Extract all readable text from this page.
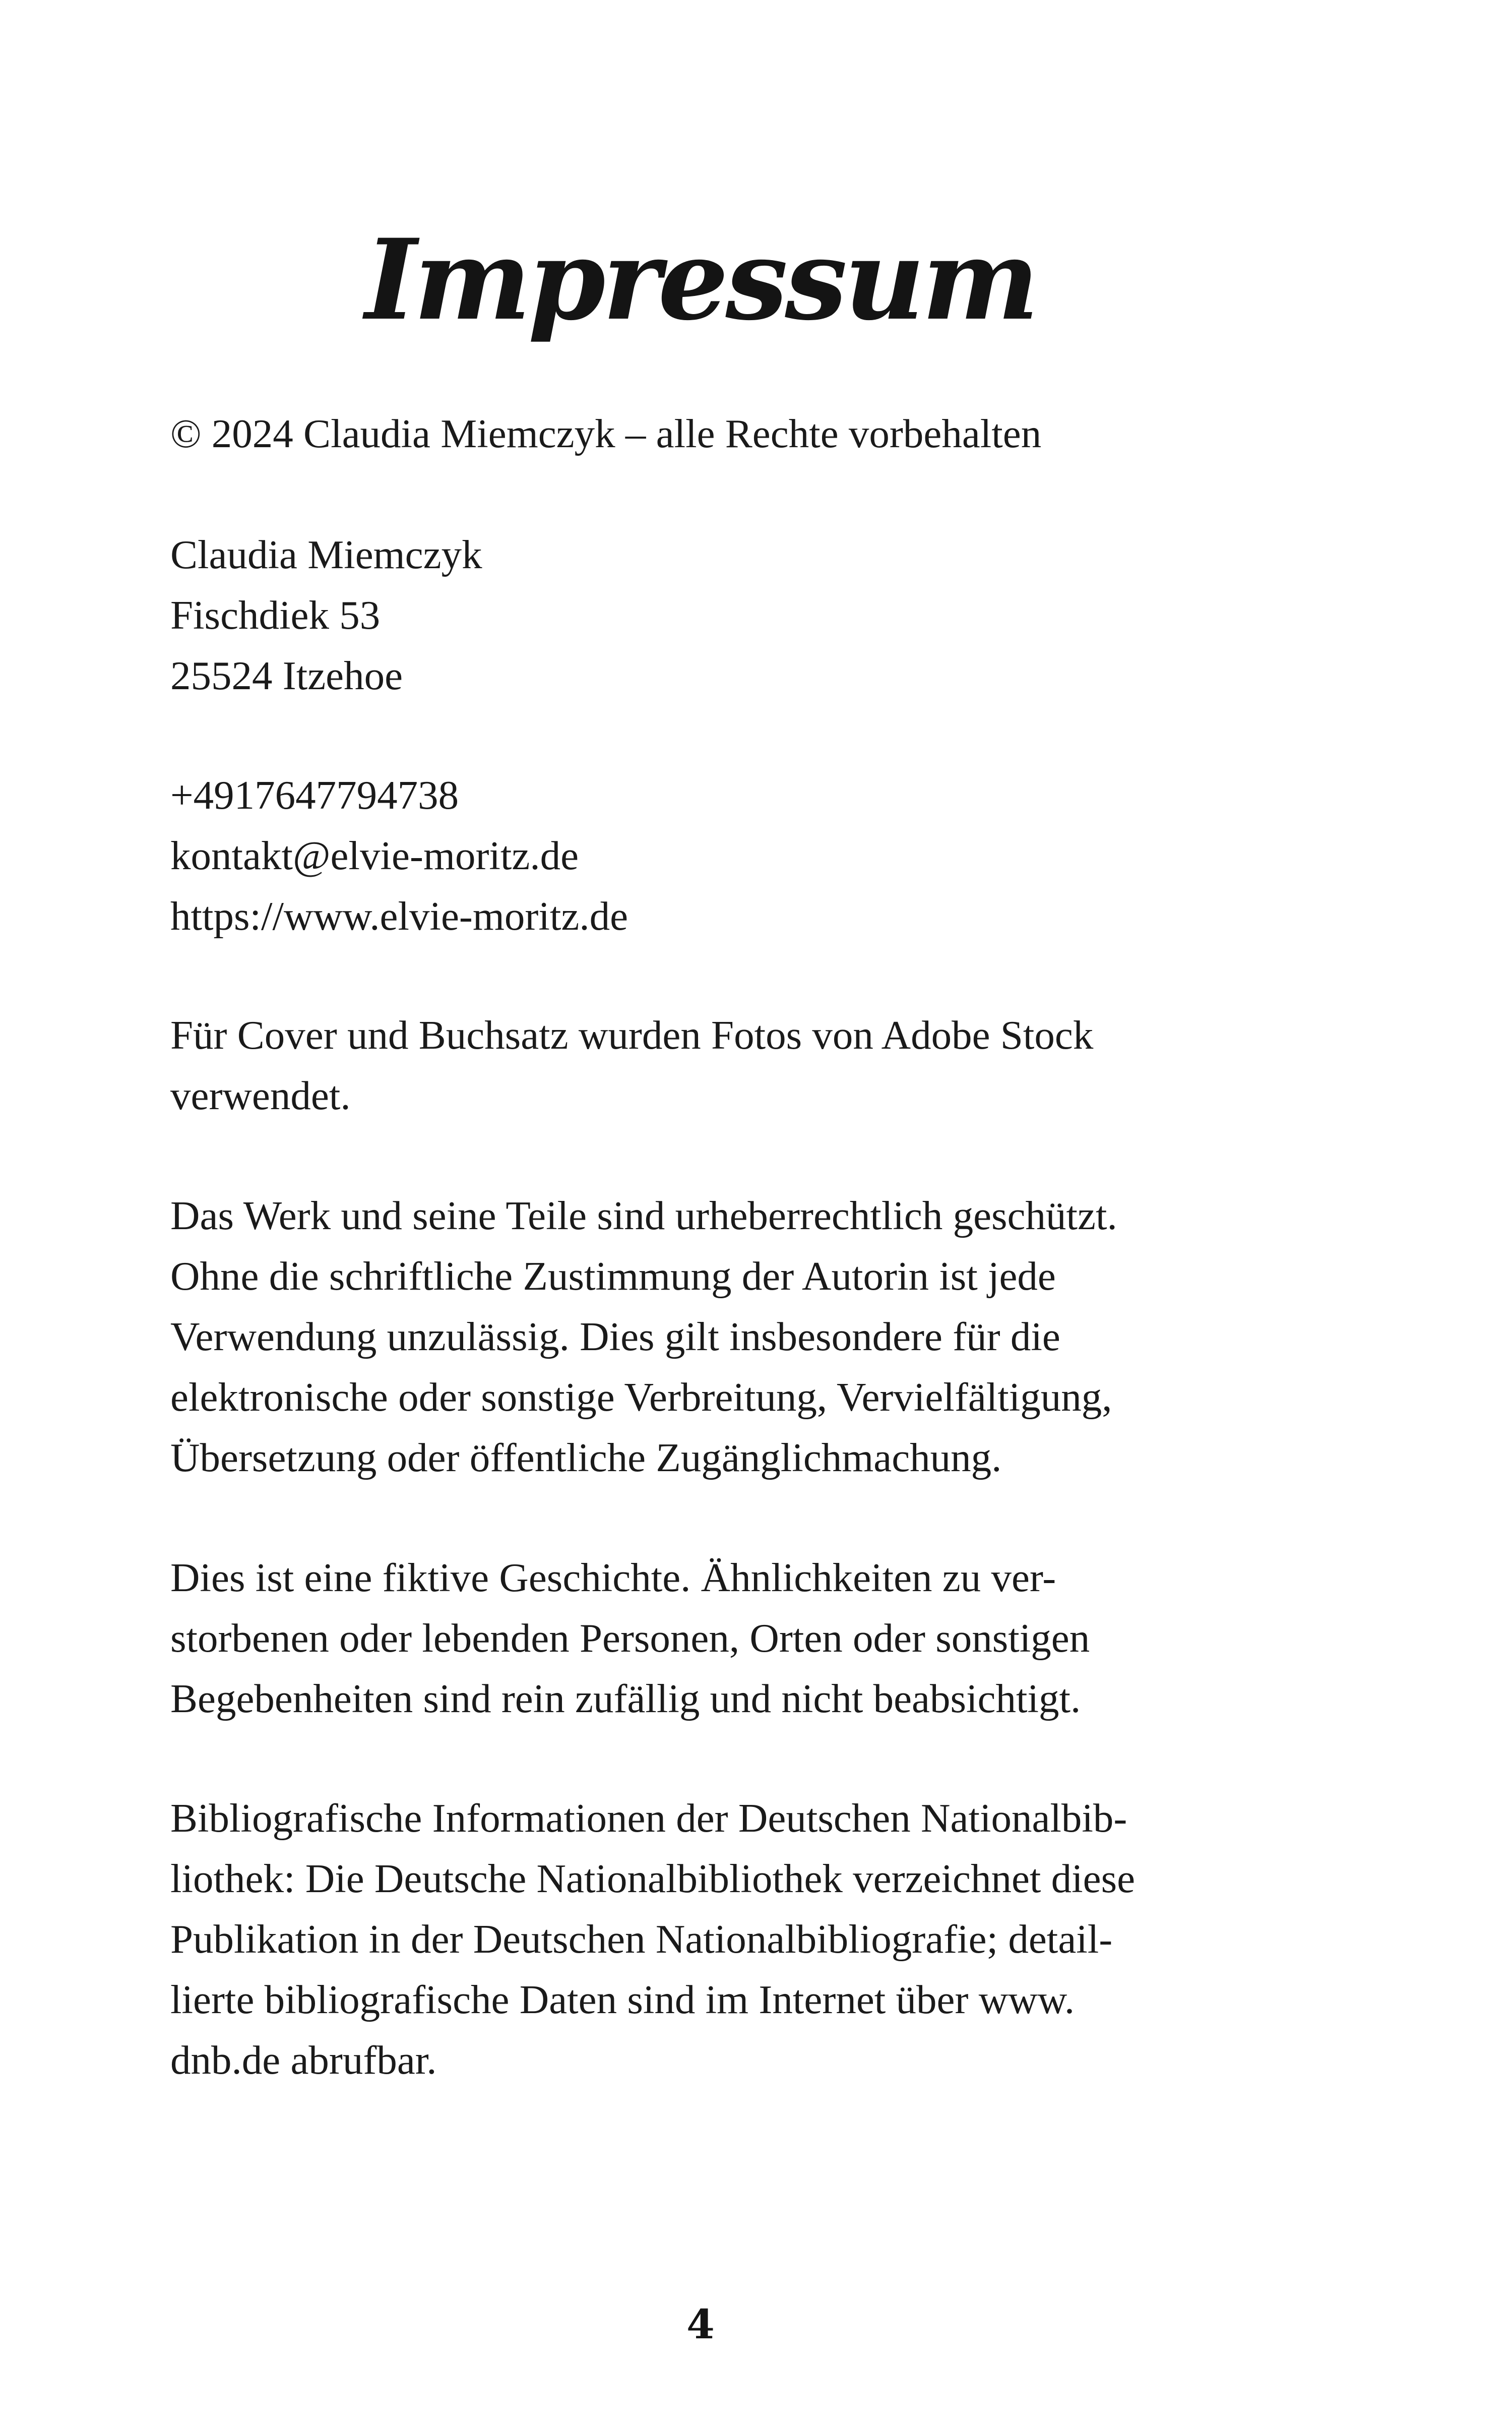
Impressum

© 2024 Claudia Miemczyk – alle Rechte vorbehalten

Claudia Miemczyk
Fischdiek 53
25524 Itzehoe

+4917647794738
kontakt@elvie-moritz.de
https://www.elvie-moritz.de

Für Cover und Buchsatz wurden Fotos von Adobe Stock
verwendet.

Das Werk und seine Teile sind urheberrechtlich geschützt.
Ohne die schriftliche Zustimmung der Autorin ist jede
Verwendung unzulässig. Dies gilt insbesondere für die
elektronische oder sonstige Verbreitung, Vervielfältigung,
Übersetzung oder öffentliche Zugänglichmachung.

Dies ist eine fiktive Geschichte. Ähnlichkeiten zu ver-
storbenen oder lebenden Personen, Orten oder sonstigen
Begebenheiten sind rein zufällig und nicht beabsichtigt.

Bibliografische Informationen der Deutschen Nationalbib-
liothek: Die Deutsche Nationalbibliothek verzeichnet diese
Publikation in der Deutschen Nationalbibliografie; detail-
lierte bibliografische Daten sind im Internet über www.
dnb.de abrufbar.

4
